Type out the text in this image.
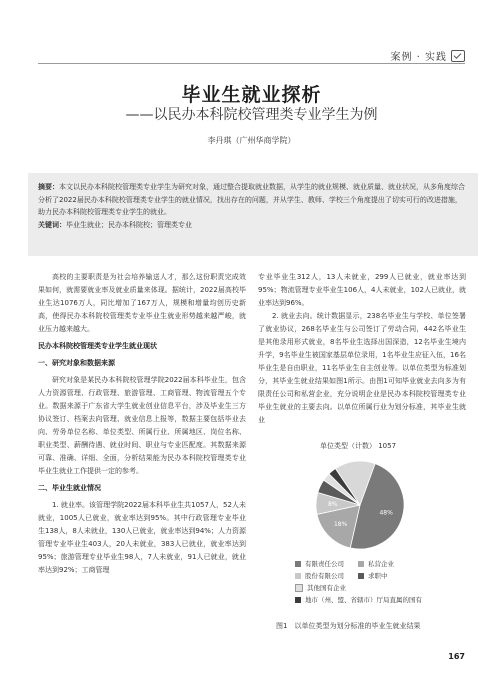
案例 · 实践
毕业生就业探析
——以民办本科院校管理类专业学生为例
李丹琪（广州华商学院）
摘要：本文以民办本科院校管理类专业学生为研究对象，通过整合提取就业数据，从学生的就业规模、就业质量、就业状况，从多角度综合分析了2022届民办本科院校管理类专业学生的就业情况，找出存在的问题，并从学生、教师、学校三个角度提出了切实可行的改进措施，助力民办本科院校管理类专业学生的就业。
关键词：毕业生就业；民办本科院校；管理类专业

高校的主要职责是为社会培养输送人才，那么这份职责完成效果如何，就需要就业率及就业质量来体现。据统计，2022届高校毕业生达1076万人，同比增加了167万人，规模和增量均创历史新高，使得民办本科院校管理类专业毕业生就业形势越来越严峻，就业压力越来越大。

民办本科院校管理类专业学生就业现状
一、研究对象和数据来源

研究对象是某民办本科院校管理学院2022届本科毕业生，包含人力资源管理、行政管理、旅游管理、工商管理、物流管理五个专业。数据来源于广东省大学生就业创业信息平台，涉及毕业生三方协议签订、档案去向管理、就业信息上报等，数据主要包括毕业去向、劳务单位名称、单位类型、所属行业、所属地区、岗位名称、职业类型、薪酬待遇、就业时间、职业与专业匹配度。其数据来源可靠、准确、详细、全面，分析结果能为民办本科院校管理类专业毕业生就业工作提供一定的参考。

二、毕业生就业情况

1. 就业率。该管理学院2022届本科毕业生共1057人，52人未就业，1005人已就业，就业率达到95%。其中行政管理专业毕业生138人，8人未就业，130人已就业，就业率达到94%；人力资源管理专业毕业生403人，20人未就业，383人已就业，就业率达到95%；旅游管理专业毕业生98人，7人未就业，91人已就业，就业率达到92%；工商管理

专业毕业生312人，13人未就业，299人已就业，就业率达到95%；物流管理专业毕业生106人，4人未就业，102人已就业，就业率达到96%。

2. 就业去向。统计数据显示，238名毕业生与学校、单位签署了就业协议，268名毕业生与公司签订了劳动合同，442名毕业生是其他录用形式就业，8名毕业生选择出国深造，12名毕业生境内升学，9名毕业生被国家基层单位录用，1名毕业生应征入伍，16名毕业生是自由职业，11名毕业生自主创业等。以单位类型为标准划分，其毕业生就业结果如图1所示。由图1可知毕业就业去向多为有限责任公司和私营企业，充分说明企业是民办本科院校管理类专业毕业生就业的主要去向。以单位所属行业为划分标准，其毕业生就业

单位类型（计数） 1057
48%
18%
8%
有限责任公司	私营企业
股份有限公司	求职中
其他国有企业
地市（州、盟、省辖市）厅局直属的国有
图1　以单位类型为划分标准的毕业生就业结果
167
